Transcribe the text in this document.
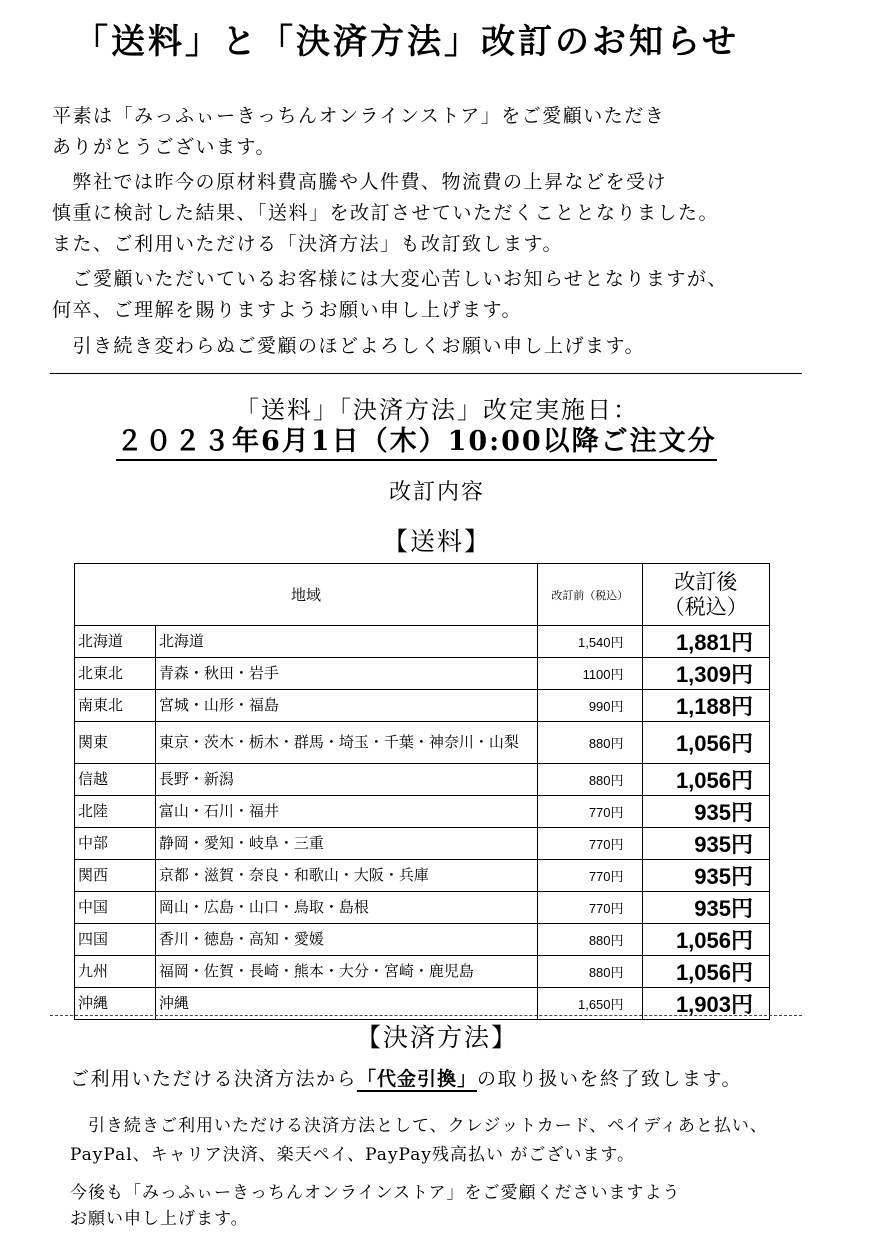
「送料」と「決済方法」改訂のお知らせ
平素は「みっふぃーきっちんオンラインストア」をご愛顧いただき
ありがとうございます。
　弊社では昨今の原材料費高騰や人件費、物流費の上昇などを受け
慎重に検討した結果、「送料」を改訂させていただくこととなりました。
また、ご利用いただける「決済方法」も改訂致します。
　ご愛顧いただいているお客様には大変心苦しいお知らせとなりますが、
何卒、ご理解を賜りますようお願い申し上げます。
　引き続き変わらぬご愛顧のほどよろしくお願い申し上げます。
「送料」「決済方法」改定実施日：
２０２３年6月1日（木）10:00以降ご注文分
改訂内容
【送料】
地域		改訂前（税込）	改訂後
（税込）

北海道	北海道	1,540円	1,881円
北東北	青森・秋田・岩手	1100円	1,309円
南東北	宮城・山形・福島	990円	1,188円
関東	東京・茨木・栃木・群馬・埼玉・千葉・神奈川・山梨	880円	1,056円
信越	長野・新潟	880円	1,056円
北陸	富山・石川・福井	770円	935円
中部	静岡・愛知・岐阜・三重	770円	935円
関西	京都・滋賀・奈良・和歌山・大阪・兵庫	770円	935円
中国	岡山・広島・山口・鳥取・島根	770円	935円
四国	香川・徳島・高知・愛媛	880円	1,056円
九州	福岡・佐賀・長崎・熊本・大分・宮崎・鹿児島	880円	1,056円
沖縄	沖縄	1,650円	1,903円
【決済方法】
ご利用いただける決済方法から「代金引換」の取り扱いを終了致します。
　引き続きご利用いただける決済方法として、クレジットカード、ペイディあと払い、
PayPal、キャリア決済、楽天ペイ、PayPay残高払い がございます。
今後も「みっふぃーきっちんオンラインストア」をご愛顧くださいますよう
お願い申し上げます。
